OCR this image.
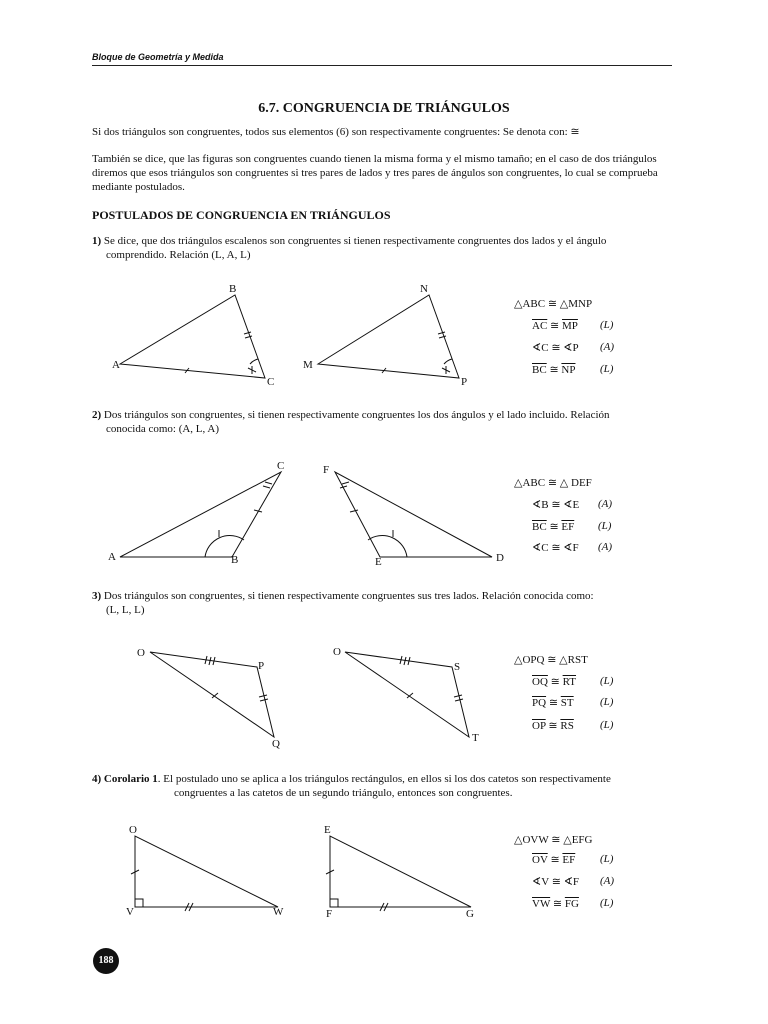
Bloque de Geometría y Medida
6.7. CONGRUENCIA DE TRIÁNGULOS
Si dos triángulos son congruentes, todos sus elementos (6) son respectivamente congruentes: Se denota con: ≅
También se dice, que las figuras son congruentes cuando tienen la misma forma y el mismo tamaño; en el caso de dos triángulos diremos que esos triángulos son congruentes si tres pares de lados y tres pares de ángulos son congruentes, lo cual se comprueba mediante postulados.
POSTULADOS DE CONGRUENCIA EN TRIÁNGULOS
1) Se dice, que dos triángulos escalenos son congruentes si tienen respectivamente congruentes dos lados y el ángulo
comprendido. Relación (L, A, L)
2) Dos triángulos son congruentes, si tienen respectivamente congruentes los dos ángulos y el lado incluido. Relación
conocida como: (A, L, A)
3) Dos triángulos son congruentes, si tienen respectivamente congruentes sus tres lados. Relación conocida como:
(L, L, L)
4) Corolario 1. El postulado uno se aplica a los triángulos rectángulos, en ellos si los dos catetos son respectivamente
congruentes a las catetos de un segundo triángulo, entonces son congruentes.
A
B
C
M
N
P
A	B
C
D
E
F
O
P
Q
O
S
T
O
V	W
E
F	G
△ABC ≅ △MNP
$\overline{AC}$ ≅ $\overline{MP}$ (L)
∢C ≅ ∢P (A)
$\overline{BC}$ ≅ $\overline{NP}$ (L)
△ABC ≅ △ DEF
∢B ≅ ∢E (A)
$\overline{BC}$ ≅ $\overline{EF}$ (L)
∢C ≅ ∢F (A)
△OPQ ≅ △RST
$\overline{OQ}$ ≅ $\overline{RT}$ (L)
$\overline{PQ}$ ≅ $\overline{ST}$ (L)
$\overline{OP}$ ≅ $\overline{RS}$ (L)
△OVW ≅ △EFG
$\overline{OV}$ ≅ $\overline{EF}$ (L)
∢V ≅ ∢F (A)
$\overline{VW}$ ≅ $\overline{FG}$ (L)
188
